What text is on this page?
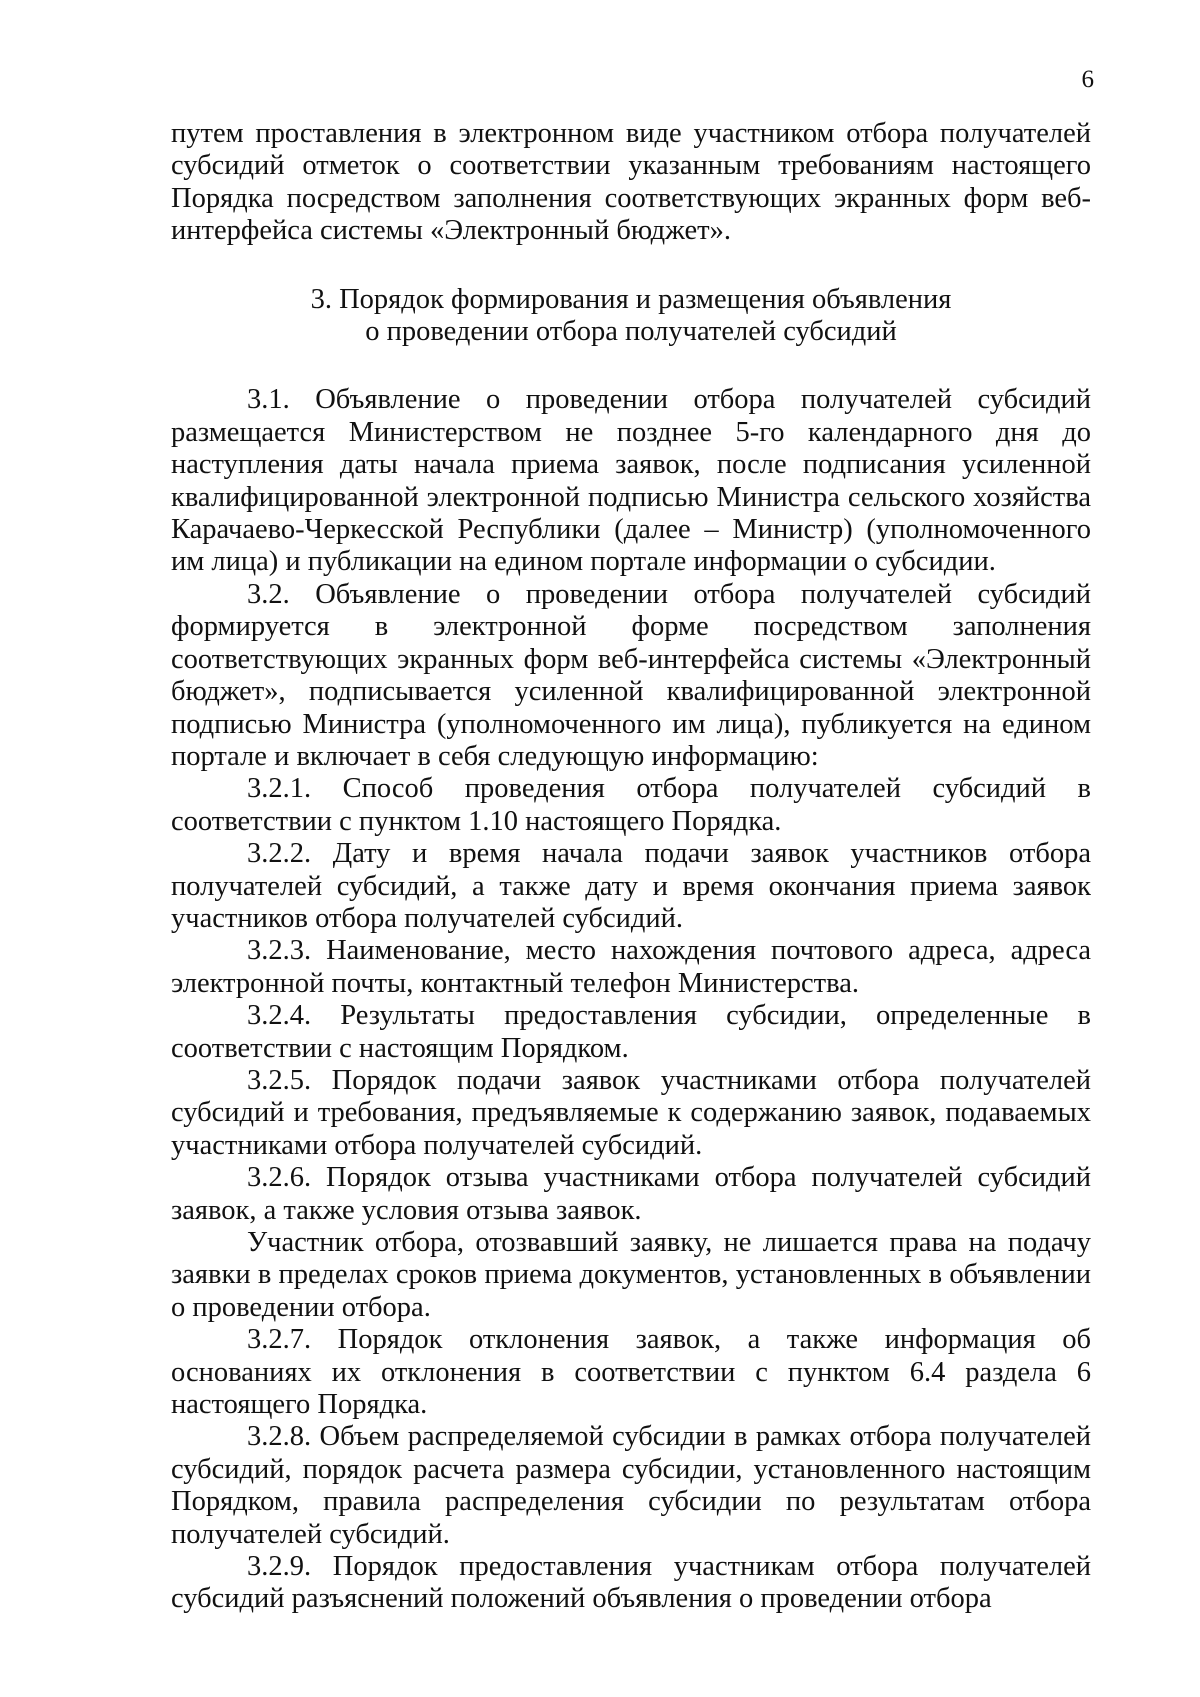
6

путем проставления в электронном виде участником отбора получателей субсидий отметок о соответствии указанным требованиям настоящего Порядка посредством заполнения соответствующих экранных форм веб-интерфейса системы «Электронный бюджет».

3. Порядок формирования и размещения объявления
о проведении отбора получателей субсидий

3.1. Объявление о проведении отбора получателей субсидий размещается Министерством не позднее 5-го календарного дня до наступления даты начала приема заявок, после подписания усиленной квалифицированной электронной подписью Министра сельского хозяйства Карачаево-Черкесской Республики (далее – Министр) (уполномоченного им лица) и публикации на едином портале информации о субсидии.

3.2. Объявление о проведении отбора получателей субсидий формируется в электронной форме посредством заполнения соответствующих экранных форм веб-интерфейса системы «Электронный бюджет», подписывается усиленной квалифицированной электронной подписью Министра (уполномоченного им лица), публикуется на едином портале и включает в себя следующую информацию:

3.2.1. Способ проведения отбора получателей субсидий в соответствии с пунктом 1.10 настоящего Порядка.

3.2.2. Дату и время начала подачи заявок участников отбора получателей субсидий, а также дату и время окончания приема заявок участников отбора получателей субсидий.

3.2.3. Наименование, место нахождения почтового адреса, адреса электронной почты, контактный телефон Министерства.

3.2.4. Результаты предоставления субсидии, определенные в соответствии с настоящим Порядком.

3.2.5. Порядок подачи заявок участниками отбора получателей субсидий и требования, предъявляемые к содержанию заявок, подаваемых участниками отбора получателей субсидий.

3.2.6. Порядок отзыва участниками отбора получателей субсидий заявок, а также условия отзыва заявок.

Участник отбора, отозвавший заявку, не лишается права на подачу заявки в пределах сроков приема документов, установленных в объявлении о проведении отбора.

3.2.7. Порядок отклонения заявок, а также информация об основаниях их отклонения в соответствии с пунктом 6.4 раздела 6 настоящего Порядка.

3.2.8. Объем распределяемой субсидии в рамках отбора получателей субсидий, порядок расчета размера субсидии, установленного настоящим Порядком, правила распределения субсидии по результатам отбора получателей субсидий.

3.2.9. Порядок предоставления участникам отбора получателей субсидий разъяснений положений объявления о проведении отбора
